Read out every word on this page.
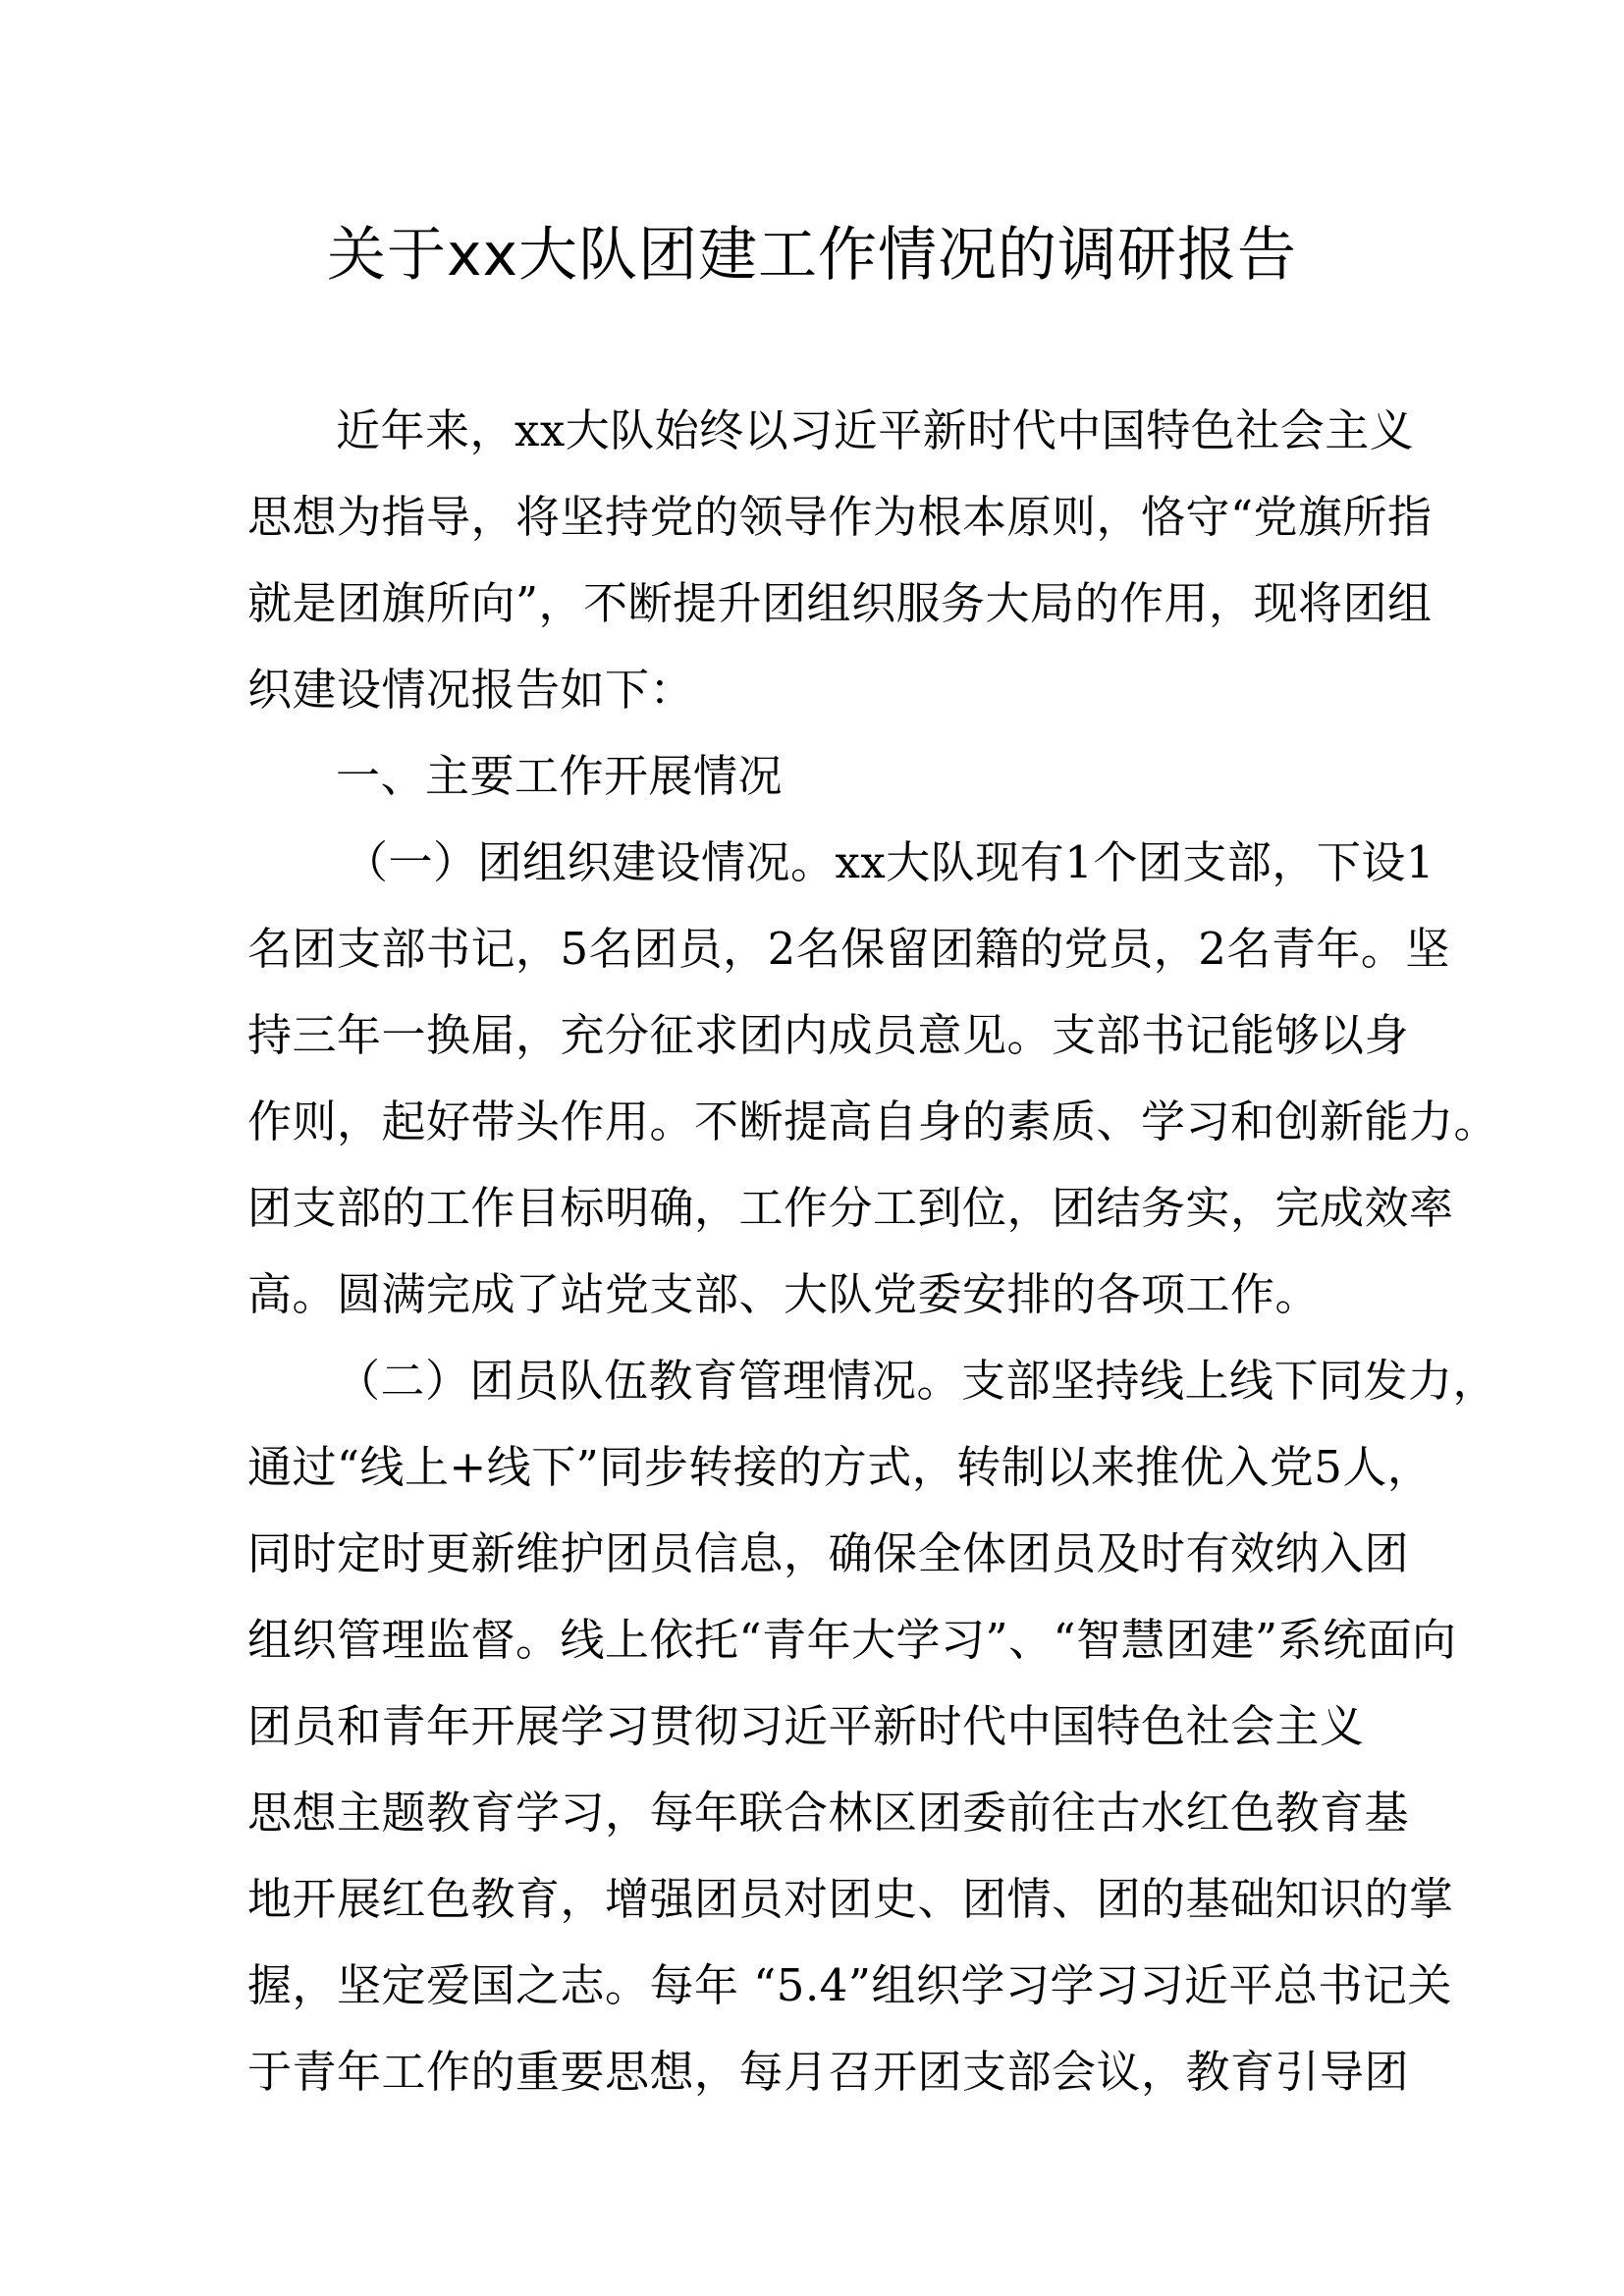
关于xx大队团建工作情况的调研报告
近年来，xx大队始终以习近平新时代中国特色社会主义
思想为指导，将坚持党的领导作为根本原则，恪守“党旗所指
就是团旗所向”，不断提升团组织服务大局的作用，现将团组
织建设情况报告如下：
一、主要工作开展情况
（一）团组织建设情况。xx大队现有1个团支部，下设1
名团支部书记，5名团员，2名保留团籍的党员，2名青年。坚
持三年一换届，充分征求团内成员意见。支部书记能够以身
作则，起好带头作用。不断提高自身的素质、学习和创新能力。
团支部的工作目标明确，工作分工到位，团结务实，完成效率
高。圆满完成了站党支部、大队党委安排的各项工作。
（二）团员队伍教育管理情况。支部坚持线上线下同发力，
通过“线上+线下”同步转接的方式，转制以来推优入党5人，
同时定时更新维护团员信息，确保全体团员及时有效纳入团
组织管理监督。线上依托“青年大学习”、“智慧团建”系统面向
团员和青年开展学习贯彻习近平新时代中国特色社会主义
思想主题教育学习，每年联合林区团委前往古水红色教育基
地开展红色教育，增强团员对团史、团情、团的基础知识的掌
握，坚定爱国之志。每年 “5.4”组织学习学习习近平总书记关
于青年工作的重要思想，每月召开团支部会议，教育引导团
